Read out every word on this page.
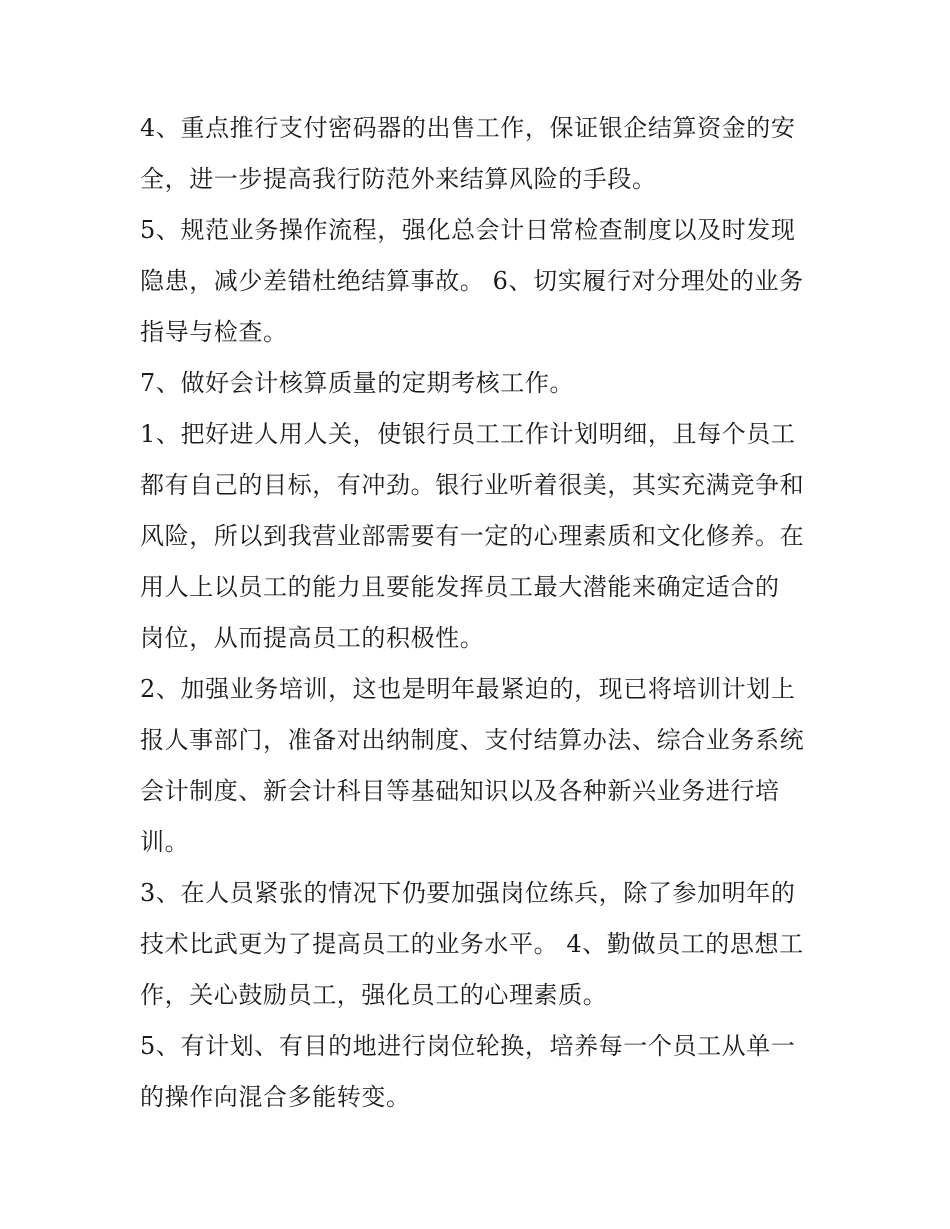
4、重点推行支付密码器的出售工作，保证银企结算资金的安
全，进一步提高我行防范外来结算风险的手段。

5、规范业务操作流程，强化总会计日常检查制度以及时发现
隐患，减少差错杜绝结算事故。 6、切实履行对分理处的业务
指导与检查。

7、做好会计核算质量的定期考核工作。

1、把好进人用人关，使银行员工工作计划明细，且每个员工
都有自己的目标，有冲劲。银行业听着很美，其实充满竞争和
风险，所以到我营业部需要有一定的心理素质和文化修养。在
用人上以员工的能力且要能发挥员工最大潜能来确定适合的
岗位，从而提高员工的积极性。

2、加强业务培训，这也是明年最紧迫的，现已将培训计划上
报人事部门，准备对出纳制度、支付结算办法、综合业务系统
会计制度、新会计科目等基础知识以及各种新兴业务进行培
训。

3、在人员紧张的情况下仍要加强岗位练兵，除了参加明年的
技术比武更为了提高员工的业务水平。 4、勤做员工的思想工
作，关心鼓励员工，强化员工的心理素质。

5、有计划、有目的地进行岗位轮换，培养每一个员工从单一
的操作向混合多能转变。
